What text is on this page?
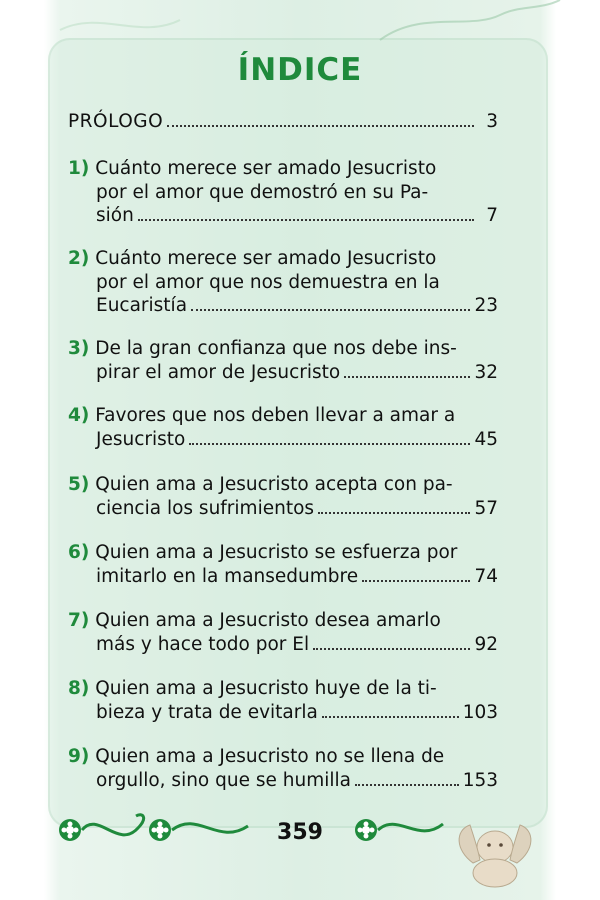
ÍNDICE
PRÓLOGO	3
1) Cuánto merece ser amado Jesucristo
por el amor que demostró en su Pa-
sión	7
2) Cuánto merece ser amado Jesucristo
por el amor que nos demuestra en la
Eucaristía	23
3) De la gran confianza que nos debe ins-
pirar el amor de Jesucristo	32
4) Favores que nos deben llevar a amar a
Jesucristo	45
5) Quien ama a Jesucristo acepta con pa-
ciencia los sufrimientos	57
6) Quien ama a Jesucristo se esfuerza por
imitarlo en la mansedumbre	74
7) Quien ama a Jesucristo desea amarlo
más y hace todo por El	92
8) Quien ama a Jesucristo huye de la ti-
bieza y trata de evitarla	103
9) Quien ama a Jesucristo no se llena de
orgullo, sino que se humilla	153
359
